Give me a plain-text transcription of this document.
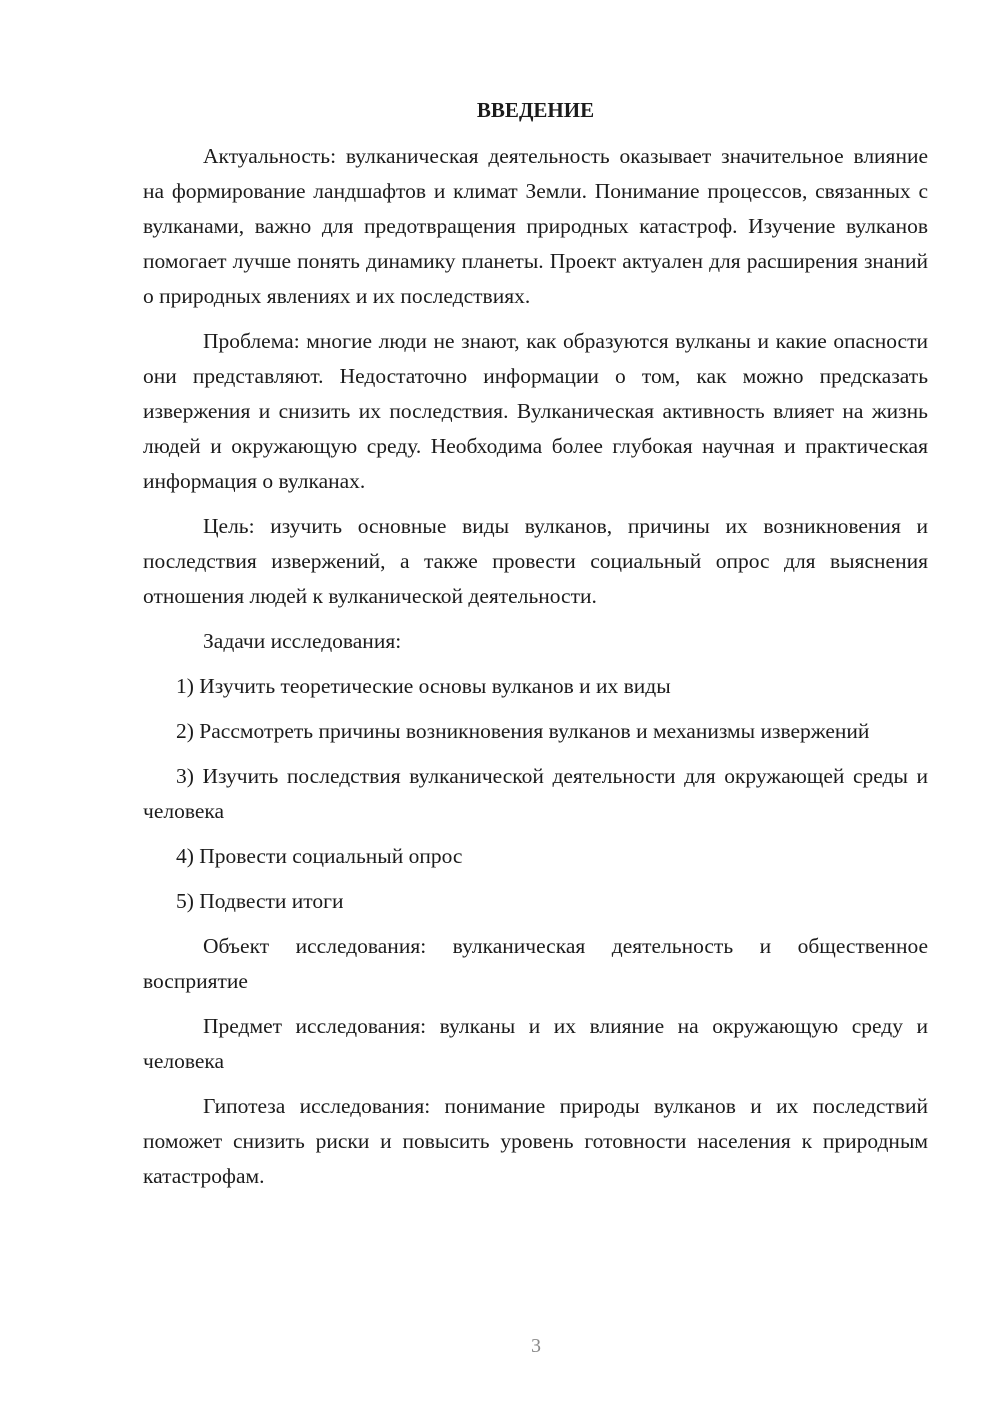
ВВЕДЕНИЕ

Актуальность: вулканическая деятельность оказывает значительное влияние на формирование ландшафтов и климат Земли. Понимание процессов, связанных с вулканами, важно для предотвращения природных катастроф. Изучение вулканов помогает лучше понять динамику планеты. Проект актуален для расширения знаний о природных явлениях и их последствиях.

Проблема: многие люди не знают, как образуются вулканы и какие опасности они представляют. Недостаточно информации о том, как можно предсказать извержения и снизить их последствия. Вулканическая активность влияет на жизнь людей и окружающую среду. Необходима более глубокая научная и практическая информация о вулканах.

Цель: изучить основные виды вулканов, причины их возникновения и последствия извержений, а также провести социальный опрос для выяснения отношения людей к вулканической деятельности.

Задачи исследования:

1) Изучить теоретические основы вулканов и их виды

2) Рассмотреть причины возникновения вулканов и механизмы извержений

3) Изучить последствия вулканической деятельности для окружающей среды и человека

4) Провести социальный опрос

5) Подвести итоги

Объект исследования: вулканическая деятельность и общественное восприятие

Предмет исследования: вулканы и их влияние на окружающую среду и человека

Гипотеза исследования: понимание природы вулканов и их последствий поможет снизить риски и повысить уровень готовности населения к природным катастрофам.

3
